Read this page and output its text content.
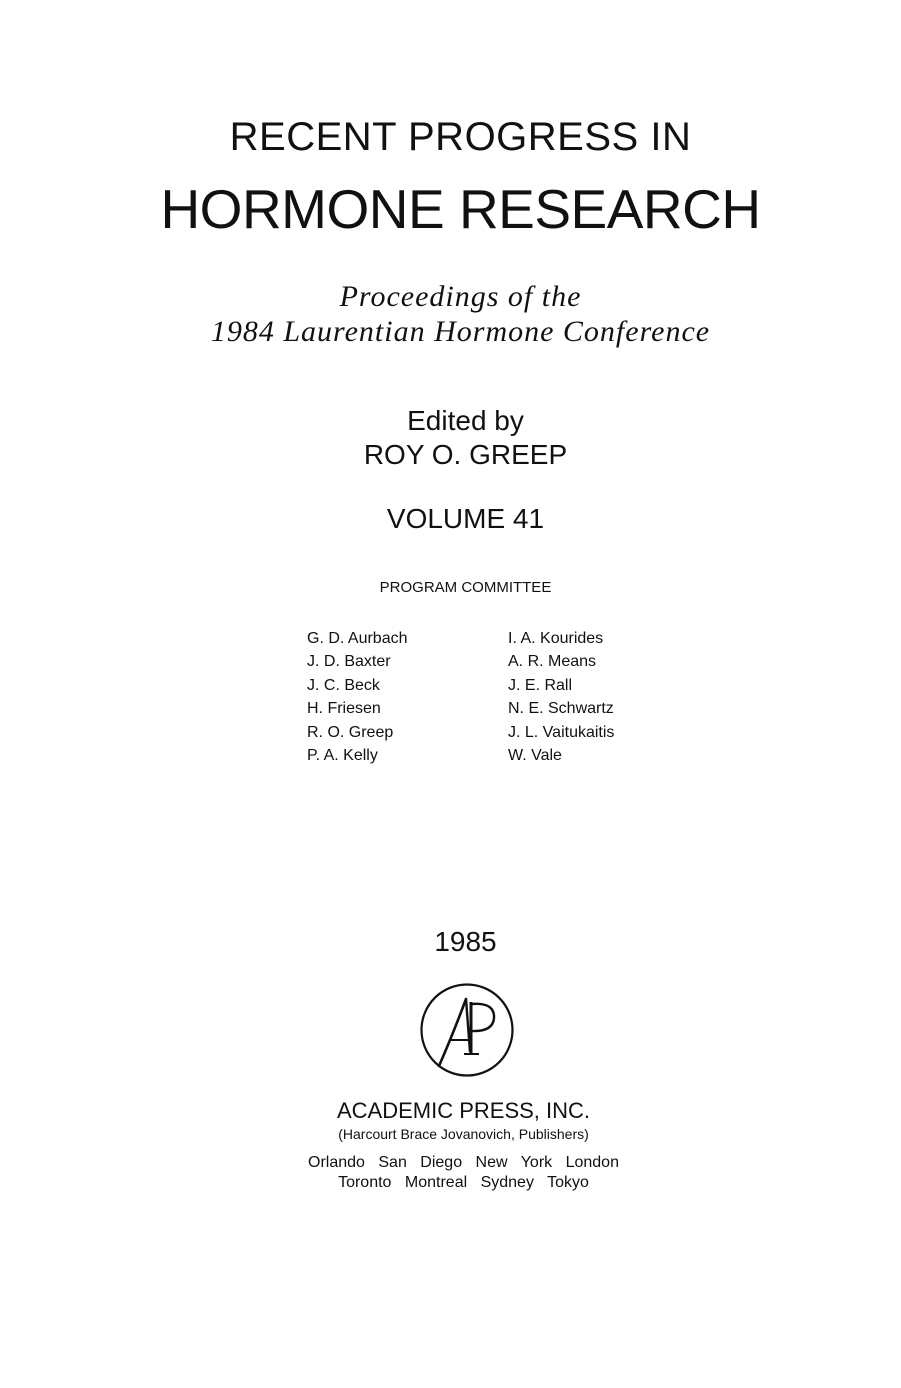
RECENT PROGRESS IN
HORMONE RESEARCH
Proceedings of the
1984 Laurentian Hormone Conference
Edited by
ROY O. GREEP
VOLUME 41
PROGRAM COMMITTEE
G. D. Aurbach
J. D. Baxter
J. C. Beck
H. Friesen
R. O. Greep
P. A. Kelly
I. A. Kourides
A. R. Means
J. E. Rall
N. E. Schwartz
J. L. Vaitukaitis
W. Vale
1985
ACADEMIC PRESS, INC.
(Harcourt Brace Jovanovich, Publishers)
Orlando San Diego New York London
Toronto Montreal Sydney Tokyo
